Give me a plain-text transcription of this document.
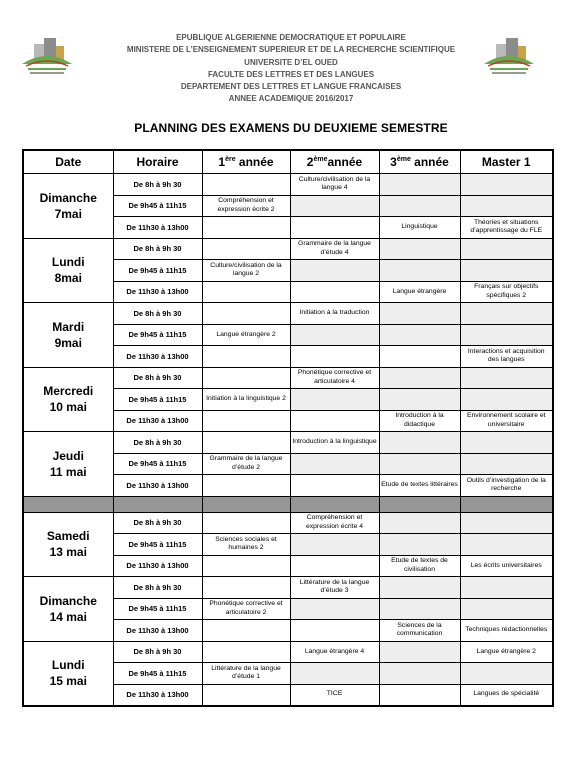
EPUBLIQUE ALGERIENNE DEMOCRATIQUE ET POPULAIRE
MINISTERE DE L’ENSEIGNEMENT SUPERIEUR ET DE LA RECHERCHE SCIENTIFIQUE
UNIVERSITE D’EL OUED
FACULTE DES LETTRES ET DES LANGUES
DEPARTEMENT DES LETTRES ET LANGUE FRANCAISES
ANNEE ACADEMIQUE 2016/2017
PLANNING DES EXAMENS DU DEUXIEME SEMESTRE
Date	Horaire	1ère année	2èmeannée	3ème année	Master 1

Dimanche
7mai	De 8h à 9h 30		Culture/civilisation de la langue 4		
	De 9h45 à 11h15	Compréhension et expression écrite 2			
	De 11h30 à 13h00			Linguistique	Théories et situations d’apprentissage du FLE

Lundi
8mai	De 8h à 9h 30		Grammaire de la langue d’étude 4		
	De 9h45 à 11h15	Culture/civilisation de la langue 2			
	De 11h30 à 13h00			Langue étrangère	Français sur objectifs spécifiques 2

Mardi
9mai	De 8h à 9h 30		Initiation à la traduction		
	De 9h45 à 11h15	Langue étrangère 2			
	De 11h30 à 13h00				Interactions et acquisition des langues

Mercredi
10 mai	De 8h à 9h 30		Phonétique corrective et articulatoire 4		
	De 9h45 à 11h15	Initiation à la linguistique 2			
	De 11h30 à 13h00			Introduction à la didactique	Environnement scolaire et universitaire

Jeudi
11 mai	De 8h à 9h 30		Introduction à la linguistique		
	De 9h45 à 11h15	Grammaire de la langue d’étude 2			
	De 11h30 à 13h00			Etude de textes littéraires	Outils d’investigation de la recherche

Samedi
13 mai	De 8h à 9h 30		Compréhension et expression écrite 4		
	De 9h45 à 11h15	Sciences sociales et humaines 2			
	De 11h30 à 13h00			Etude de textes de civilisation	Les écrits universitaires

Dimanche
14 mai	De 8h à 9h 30		Littérature de la langue d’étude 3		
	De 9h45 à 11h15	Phonétique corrective et articulatoire 2			
	De 11h30 à 13h00			Sciences de la communication	Techniques rédactionnelles

Lundi
15 mai	De 8h à 9h 30		Langue étrangère 4		Langue étrangère 2
	De 9h45 à 11h15	Littérature de la langue d’étude 1			
	De 11h30 à 13h00		TICE		Langues de spécialité
